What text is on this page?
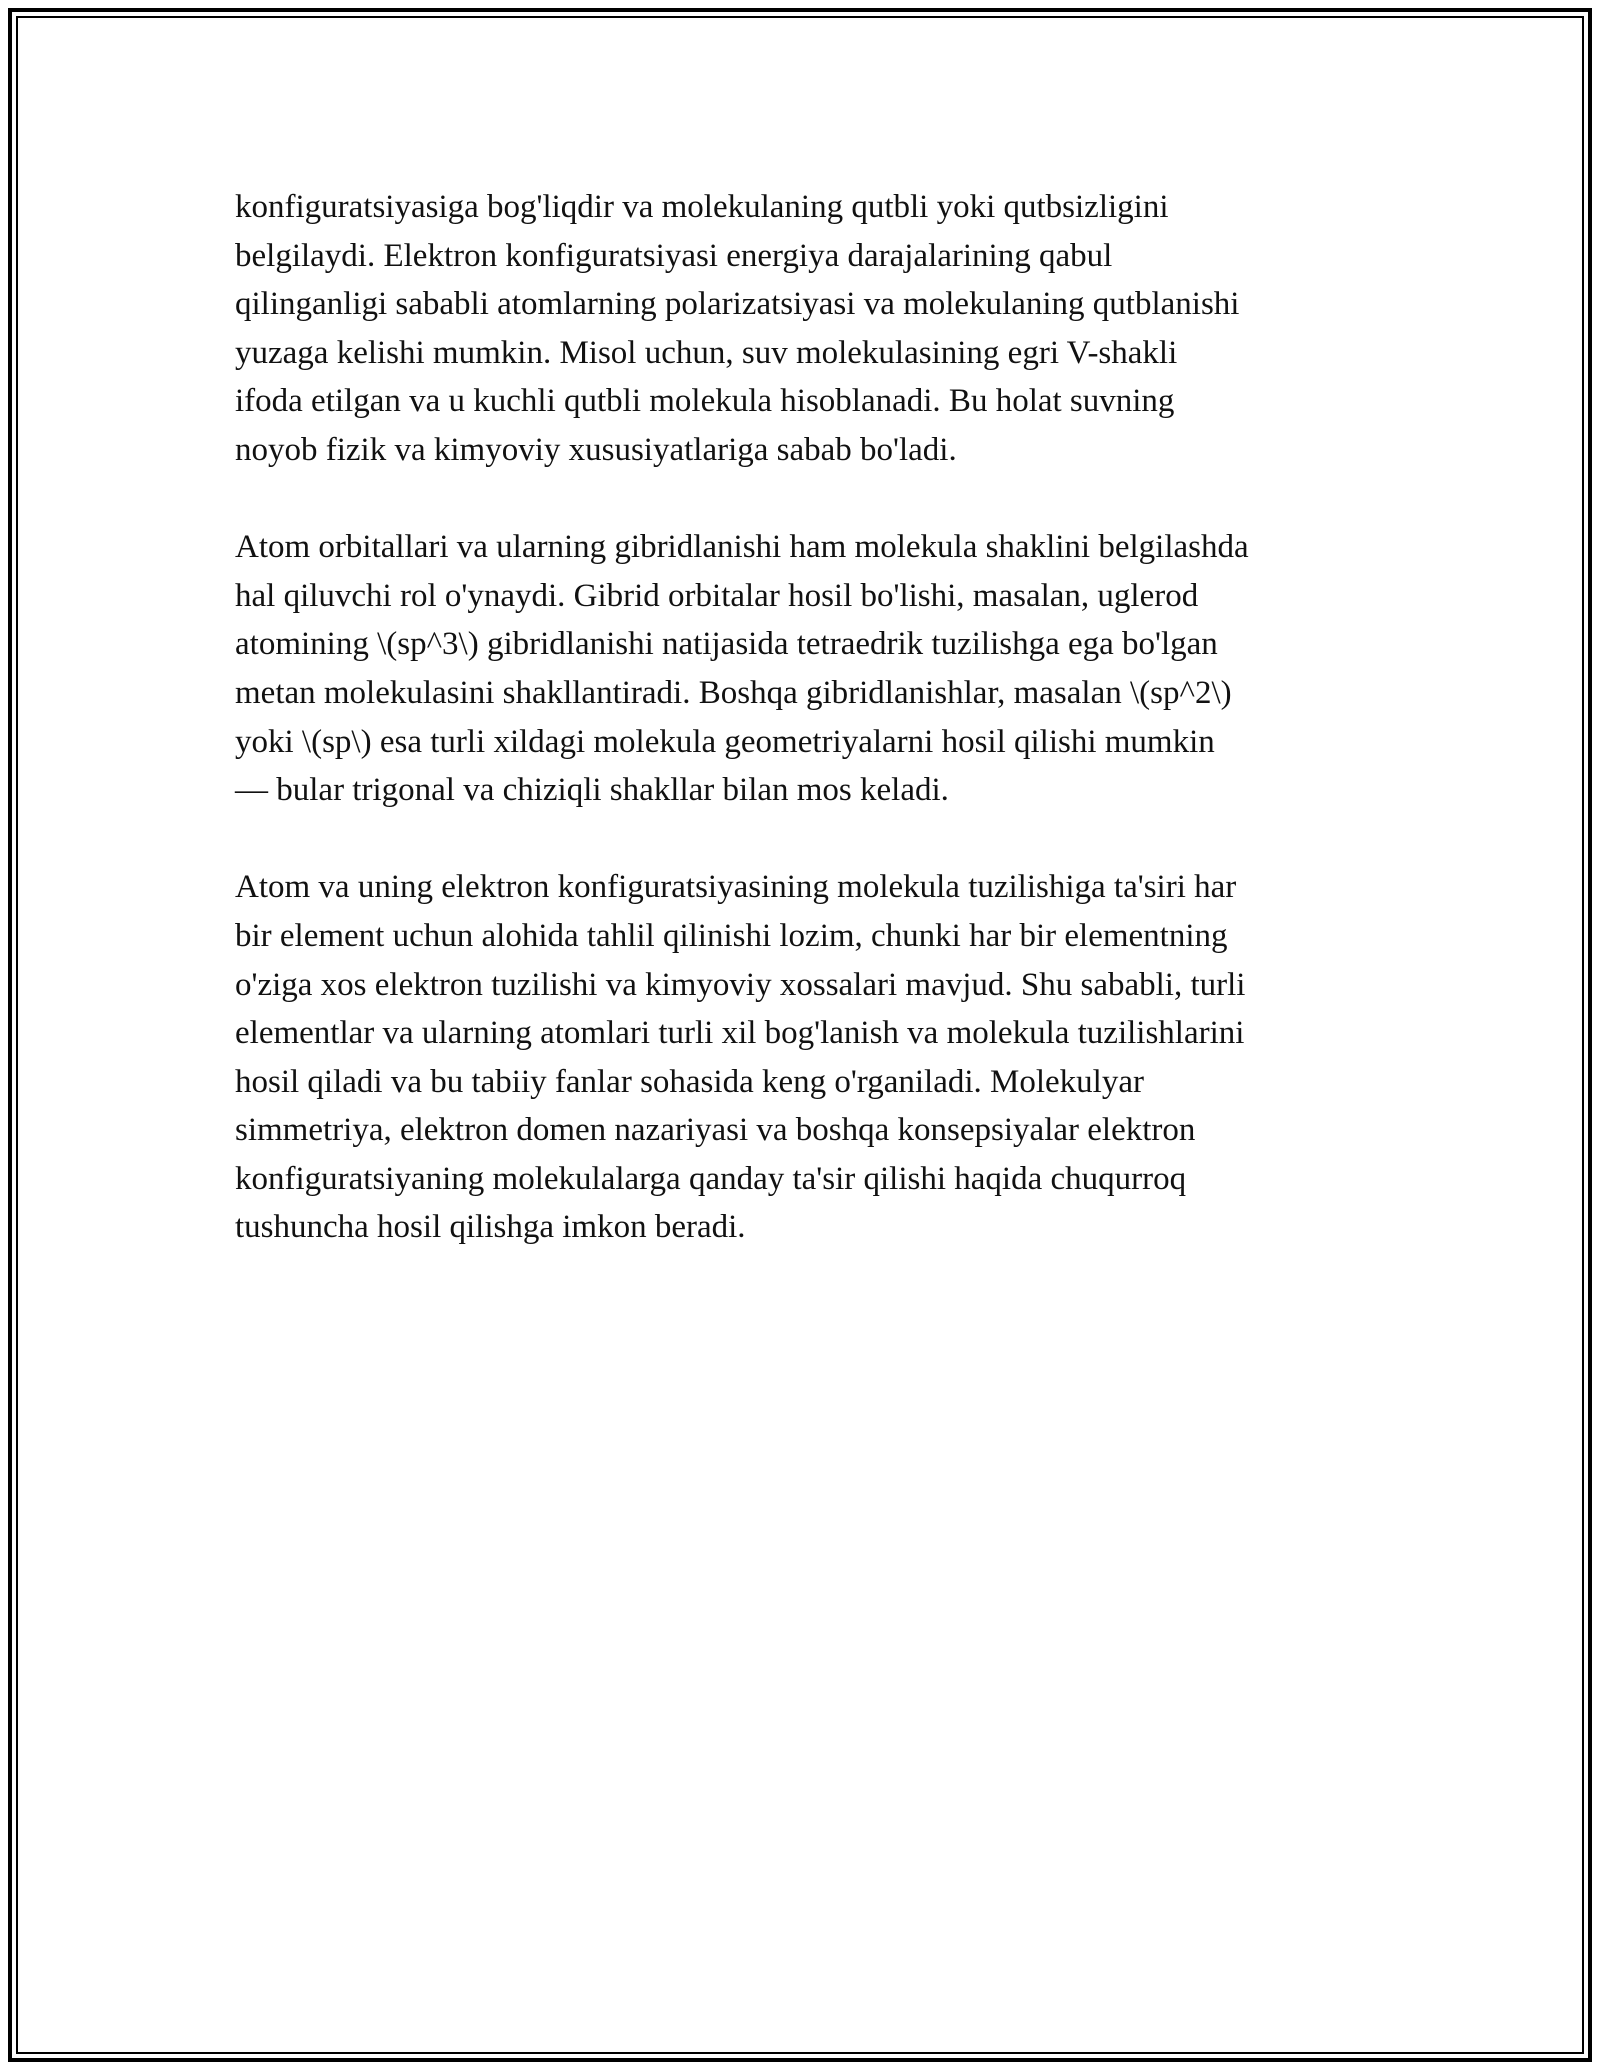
konfiguratsiyasiga bog'liqdir va molekulaning qutbli yoki qutbsizligini
belgilaydi. Elektron konfiguratsiyasi energiya darajalarining qabul
qilinganligi sababli atomlarning polarizatsiyasi va molekulaning qutblanishi
yuzaga kelishi mumkin. Misol uchun, suv molekulasining egri V-shakli
ifoda etilgan va u kuchli qutbli molekula hisoblanadi. Bu holat suvning
noyob fizik va kimyoviy xususiyatlariga sabab bo'ladi.

Atom orbitallari va ularning gibridlanishi ham molekula shaklini belgilashda
hal qiluvchi rol o'ynaydi. Gibrid orbitalar hosil bo'lishi, masalan, uglerod
atomining \(sp^3\) gibridlanishi natijasida tetraedrik tuzilishga ega bo'lgan
metan molekulasini shakllantiradi. Boshqa gibridlanishlar, masalan \(sp^2\)
yoki \(sp\) esa turli xildagi molekula geometriyalarni hosil qilishi mumkin
— bular trigonal va chiziqli shakllar bilan mos keladi.

Atom va uning elektron konfiguratsiyasining molekula tuzilishiga ta'siri har
bir element uchun alohida tahlil qilinishi lozim, chunki har bir elementning
o'ziga xos elektron tuzilishi va kimyoviy xossalari mavjud. Shu sababli, turli
elementlar va ularning atomlari turli xil bog'lanish va molekula tuzilishlarini
hosil qiladi va bu tabiiy fanlar sohasida keng o'rganiladi. Molekulyar
simmetriya, elektron domen nazariyasi va boshqa konsepsiyalar elektron
konfiguratsiyaning molekulalarga qanday ta'sir qilishi haqida chuqurroq
tushuncha hosil qilishga imkon beradi.
